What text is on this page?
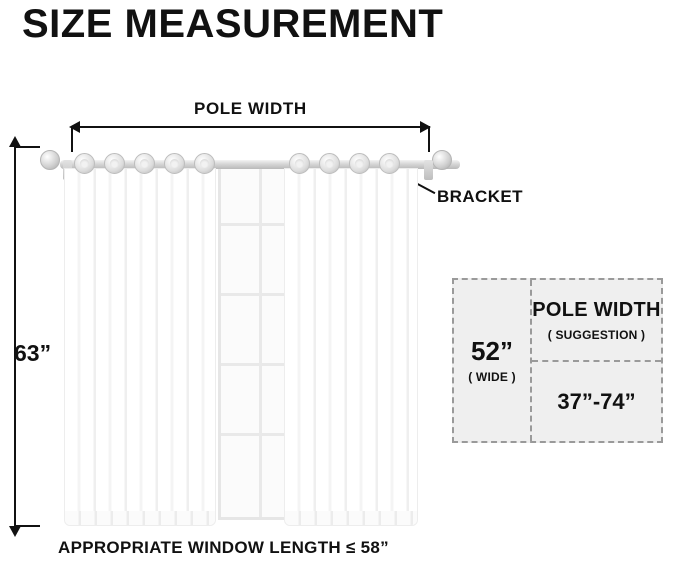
SIZE MEASUREMENT
POLE WIDTH
63”
BRACKET
52”
( WIDE )
POLE WIDTH
( SUGGESTION )
37”-74”
APPROPRIATE WINDOW LENGTH ≤ 58”
